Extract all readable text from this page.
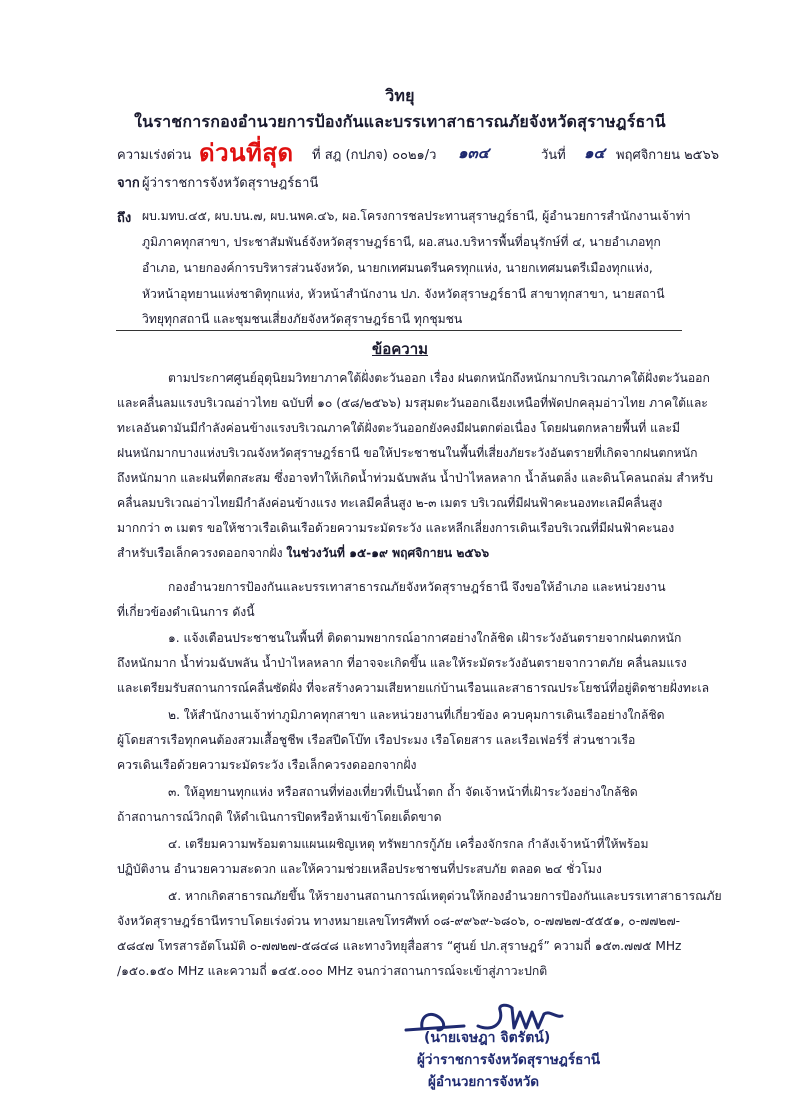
วิทยุ
ในราชการกองอำนวยการป้องกันและบรรเทาสาธารณภัยจังหวัดสุราษฎร์ธานี
ความเร่งด่วน ด่วนที่สุด ที่ สฎ (กปภจ) ๐๐๒๑/ว ๑๓๔	วันที่ ๑๔ พฤศจิกายน ๒๕๖๖
จาก ผู้ว่าราชการจังหวัดสุราษฎร์ธานี
ถึง ผบ.มทบ.๔๕, ผบ.บน.๗, ผบ.นพค.๔๖, ผอ.โครงการชลประทานสุราษฎร์ธานี, ผู้อำนวยการสำนักงานเจ้าท่า
ภูมิภาคทุกสาขา, ประชาสัมพันธ์จังหวัดสุราษฎร์ธานี, ผอ.สนง.บริหารพื้นที่อนุรักษ์ที่ ๔, นายอำเภอทุก
อำเภอ, นายกองค์การบริหารส่วนจังหวัด, นายกเทศมนตรีนครทุกแห่ง, นายกเทศมนตรีเมืองทุกแห่ง,
หัวหน้าอุทยานแห่งชาติทุกแห่ง, หัวหน้าสำนักงาน ปภ. จังหวัดสุราษฎร์ธานี สาขาทุกสาขา, นายสถานี
วิทยุทุกสถานี และชุมชนเสี่ยงภัยจังหวัดสุราษฎร์ธานี ทุกชุมชน
ข้อความ
ตามประกาศศูนย์อุตุนิยมวิทยาภาคใต้ฝั่งตะวันออก เรื่อง ฝนตกหนักถึงหนักมากบริเวณภาคใต้ฝั่งตะวันออก
และคลื่นลมแรงบริเวณอ่าวไทย ฉบับที่ ๑๐ (๕๘/๒๕๖๖) มรสุมตะวันออกเฉียงเหนือที่พัดปกคลุมอ่าวไทย ภาคใต้และ
ทะเลอันดามันมีกำลังค่อนข้างแรงบริเวณภาคใต้ฝั่งตะวันออกยังคงมีฝนตกต่อเนื่อง โดยฝนตกหลายพื้นที่ และมี
ฝนหนักมากบางแห่งบริเวณจังหวัดสุราษฎร์ธานี ขอให้ประชาชนในพื้นที่เสี่ยงภัยระวังอันตรายที่เกิดจากฝนตกหนัก
ถึงหนักมาก และฝนที่ตกสะสม ซึ่งอาจทำให้เกิดน้ำท่วมฉับพลัน น้ำป่าไหลหลาก น้ำล้นตลิ่ง และดินโคลนถล่ม สำหรับ
คลื่นลมบริเวณอ่าวไทยมีกำลังค่อนข้างแรง ทะเลมีคลื่นสูง ๒-๓ เมตร บริเวณที่มีฝนฟ้าคะนองทะเลมีคลื่นสูง
มากกว่า ๓ เมตร ขอให้ชาวเรือเดินเรือด้วยความระมัดระวัง และหลีกเลี่ยงการเดินเรือบริเวณที่มีฝนฟ้าคะนอง
สำหรับเรือเล็กควรงดออกจากฝั่ง ในช่วงวันที่ ๑๕-๑๙ พฤศจิกายน ๒๕๖๖
กองอำนวยการป้องกันและบรรเทาสาธารณภัยจังหวัดสุราษฎร์ธานี จึงขอให้อำเภอ และหน่วยงาน
ที่เกี่ยวข้องดำเนินการ ดังนี้
๑. แจ้งเตือนประชาชนในพื้นที่ ติดตามพยากรณ์อากาศอย่างใกล้ชิด เฝ้าระวังอันตรายจากฝนตกหนัก
ถึงหนักมาก น้ำท่วมฉับพลัน น้ำป่าไหลหลาก ที่อาจจะเกิดขึ้น และให้ระมัดระวังอันตรายจากวาตภัย คลื่นลมแรง
และเตรียมรับสถานการณ์คลื่นซัดฝั่ง ที่จะสร้างความเสียหายแก่บ้านเรือนและสาธารณประโยชน์ที่อยู่ติดชายฝั่งทะเล
๒. ให้สำนักงานเจ้าท่าภูมิภาคทุกสาขา และหน่วยงานที่เกี่ยวข้อง ควบคุมการเดินเรืออย่างใกล้ชิด
ผู้โดยสารเรือทุกคนต้องสวมเสื้อชูชีพ เรือสปีดโบ๊ท เรือประมง เรือโดยสาร และเรือเฟอร์รี่ ส่วนชาวเรือ
ควรเดินเรือด้วยความระมัดระวัง เรือเล็กควรงดออกจากฝั่ง
๓. ให้อุทยานทุกแห่ง หรือสถานที่ท่องเที่ยวที่เป็นน้ำตก ถ้ำ จัดเจ้าหน้าที่เฝ้าระวังอย่างใกล้ชิด
ถ้าสถานการณ์วิกฤติ ให้ดำเนินการปิดหรือห้ามเข้าโดยเด็ดขาด
๔. เตรียมความพร้อมตามแผนเผชิญเหตุ ทรัพยากรกู้ภัย เครื่องจักรกล กำลังเจ้าหน้าที่ให้พร้อม
ปฏิบัติงาน อำนวยความสะดวก และให้ความช่วยเหลือประชาชนที่ประสบภัย ตลอด ๒๔ ชั่วโมง
๕. หากเกิดสาธารณภัยขึ้น ให้รายงานสถานการณ์เหตุด่วนให้กองอำนวยการป้องกันและบรรเทาสาธารณภัย
จังหวัดสุราษฎร์ธานีทราบโดยเร่งด่วน ทางหมายเลขโทรศัพท์ ๐๘-๙๙๖๙-๖๘๐๖, ๐-๗๗๒๗-๕๕๕๑, ๐-๗๗๒๗-
๕๘๔๗ โทรสารอัตโนมัติ ๐-๗๗๒๗-๕๘๔๘ และทางวิทยุสื่อสาร “ศูนย์ ปภ.สุราษฎร์” ความถี่ ๑๕๓.๗๗๕ MHz
/๑๕๐.๑๕๐ MHz และความถี่ ๑๔๕.๐๐๐ MHz จนกว่าสถานการณ์จะเข้าสู่ภาวะปกติ
(นายเจษฎา จิตรัตน์)
ผู้ว่าราชการจังหวัดสุราษฎร์ธานี
ผู้อำนวยการจังหวัด
